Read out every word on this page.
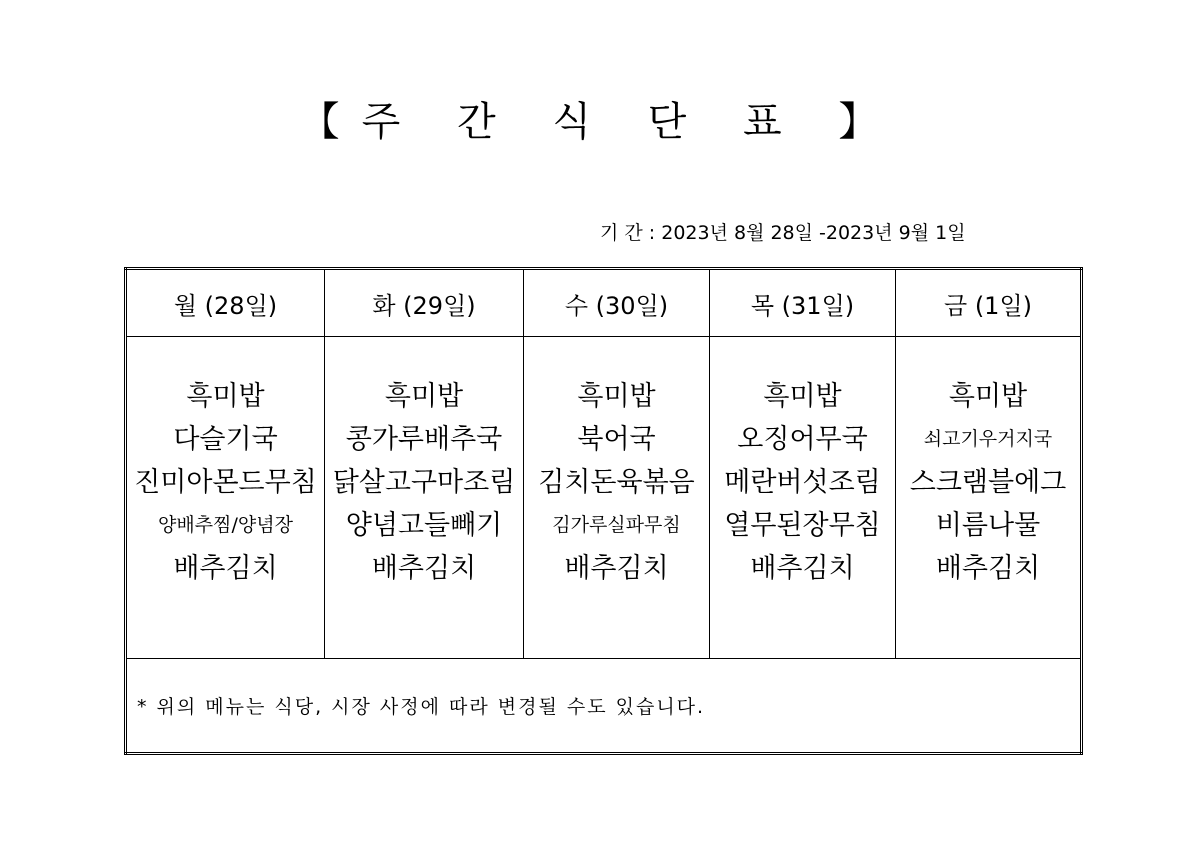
【주 간 식 단 표 】
기 간 : 2023년 8월 28일 -2023년 9월 1일
월 (28일)	화 (29일)	수 (30일)	목 (31일)	금 (1일)

흑미밥
다슬기국
진미아몬드무침
양배추찜/양념장
배추김치	흑미밥
콩가루배추국
닭살고구마조림
양념고들빼기
배추김치	흑미밥
북어국
김치돈육볶음
김가루실파무침
배추김치	흑미밥
오징어무국
메란버섯조림
열무된장무침
배추김치	흑미밥
쇠고기우거지국
스크램블에그
비름나물
배추김치

* 위의 메뉴는 식당, 시장 사정에 따라 변경될 수도 있습니다.				
